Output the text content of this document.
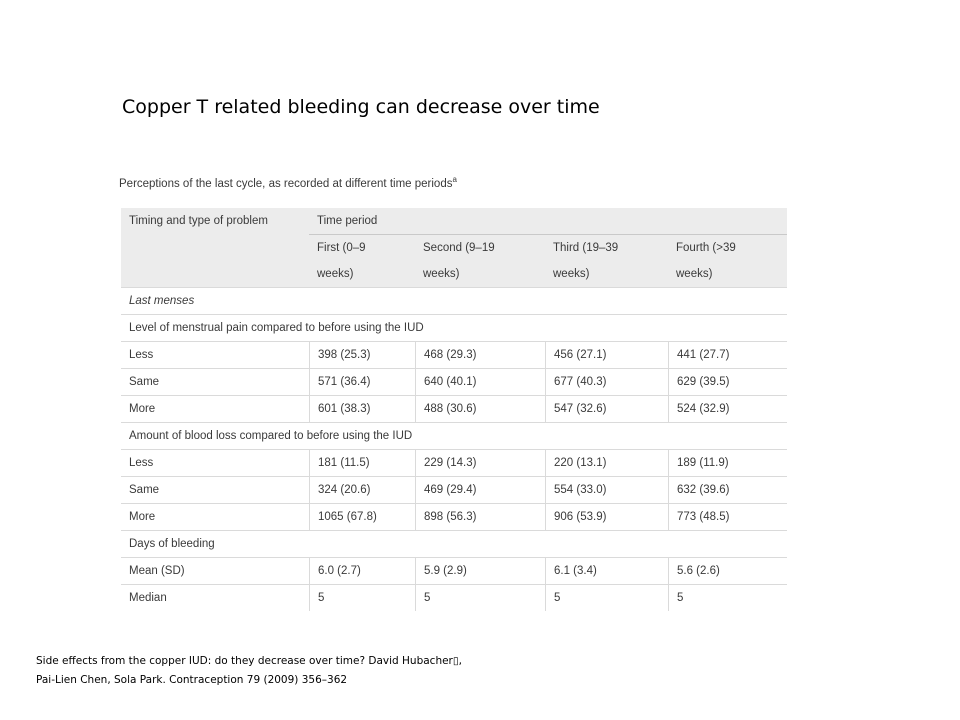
Copper T related bleeding can decrease over time
Perceptions of the last cycle, as recorded at different time periods$^a$
Timing and type of problem	Time period			
	First (0–9	Second (9–19	Third (19–39	Fourth (>39
	weeks)	weeks)	weeks)	weeks)
Last menses				
Level of menstrual pain compared to before using the IUD				
Less	398 (25.3)	468 (29.3)	456 (27.1)	441 (27.7)
Same	571 (36.4)	640 (40.1)	677 (40.3)	629 (39.5)
More	601 (38.3)	488 (30.6)	547 (32.6)	524 (32.9)
Amount of blood loss compared to before using the IUD				
Less	181 (11.5)	229 (14.3)	220 (13.1)	189 (11.9)
Same	324 (20.6)	469 (29.4)	554 (33.0)	632 (39.6)
More	1065 (67.8)	898 (56.3)	906 (53.9)	773 (48.5)
Days of bleeding				
Mean (SD)	6.0 (2.7)	5.9 (2.9)	6.1 (3.4)	5.6 (2.6)
Median	5	5	5	5
Side effects from the copper IUD: do they decrease over time? David Hubacher▯,
Pai-Lien Chen, Sola Park. Contraception 79 (2009) 356–362
